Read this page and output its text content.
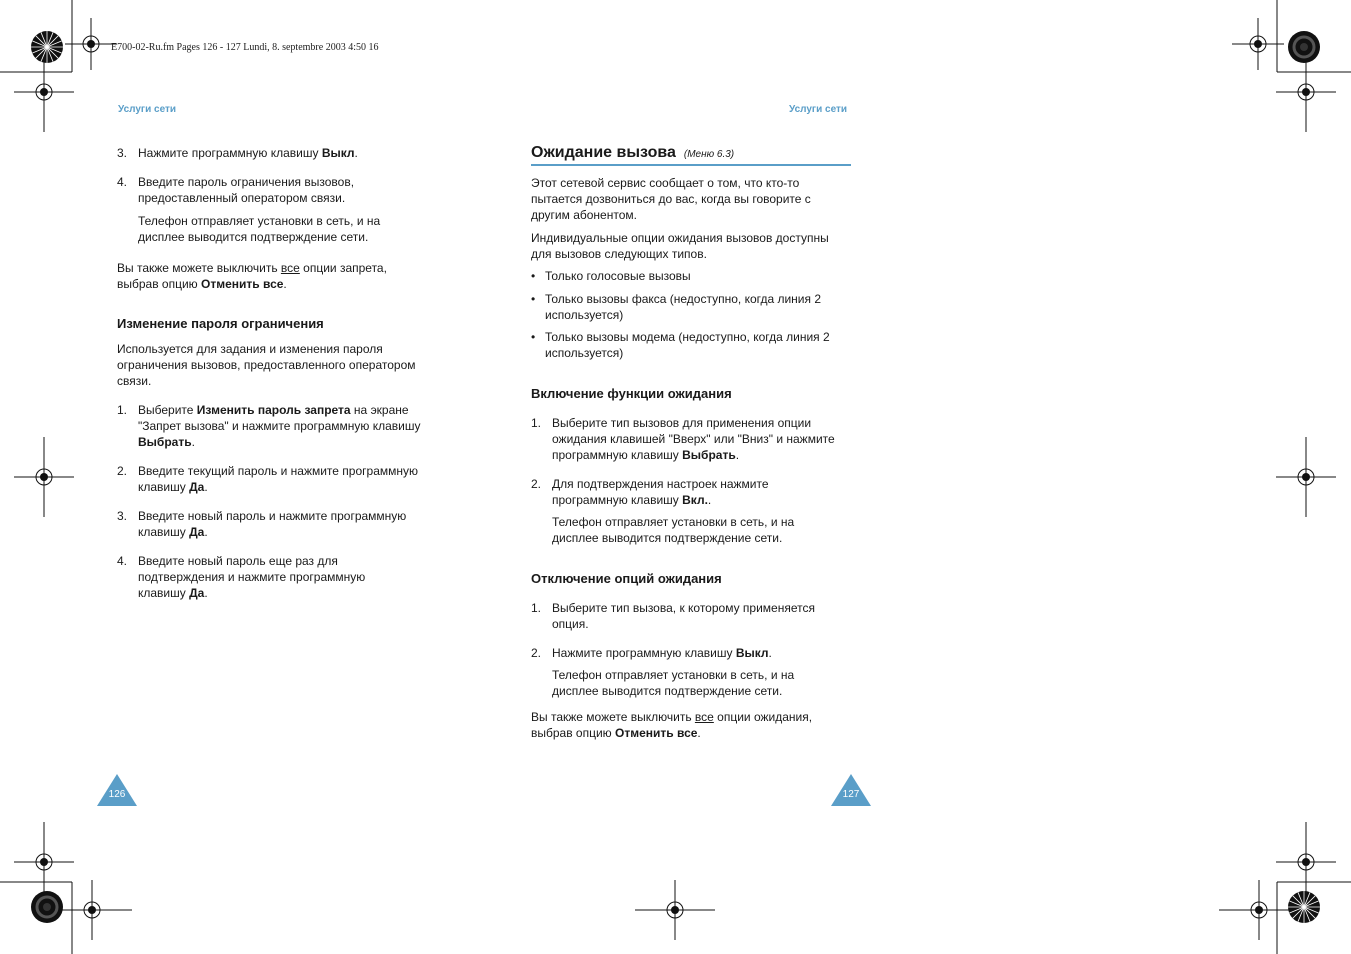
E700-02-Ru.fm Pages 126 - 127 Lundi, 8. septembre 2003 4:50 16
Услуги сети	Услуги сети
3. Нажмите программную клавишу Выкл.
4. Введите пароль ограничения вызовов,
предоставленный оператором связи.
Телефон отправляет установки в сеть, и на
дисплее выводится подтверждение сети.
Вы также можете выключить все опции запрета,
выбрав опцию Отменить все.
Изменение пароля ограничения
Используется для задания и изменения пароля
ограничения вызовов, предоставленного оператором
связи.
1. Выберите Изменить пароль запрета на экране
"Запрет вызова" и нажмите программную клавишу
Выбрать.
2. Введите текущий пароль и нажмите программную
клавишу Да.
3. Введите новый пароль и нажмите программную
клавишу Да.
4. Введите новый пароль еще раз для
подтверждения и нажмите программную
клавишу Да.
Ожидание вызова (Меню 6.3)
Этот сетевой сервис сообщает о том, что кто-то
пытается дозвониться до вас, когда вы говорите с
другим абонентом.
Индивидуальные опции ожидания вызовов доступны
для вызовов следующих типов.
• Только голосовые вызовы
• Только вызовы факса (недоступно, когда линия 2
используется)
• Только вызовы модема (недоступно, когда линия 2
используется)
Включение функции ожидания
1. Выберите тип вызовов для применения опции
ожидания клавишей "Вверх" или "Вниз" и нажмите
программную клавишу Выбрать.
2. Для подтверждения настроек нажмите
программную клавишу Вкл..
Телефон отправляет установки в сеть, и на
дисплее выводится подтверждение сети.
Отключение опций ожидания
1. Выберите тип вызова, к которому применяется
опция.
2. Нажмите программную клавишу Выкл.
Телефон отправляет установки в сеть, и на
дисплее выводится подтверждение сети.
Вы также можете выключить все опции ожидания,
выбрав опцию Отменить все.
126	127
